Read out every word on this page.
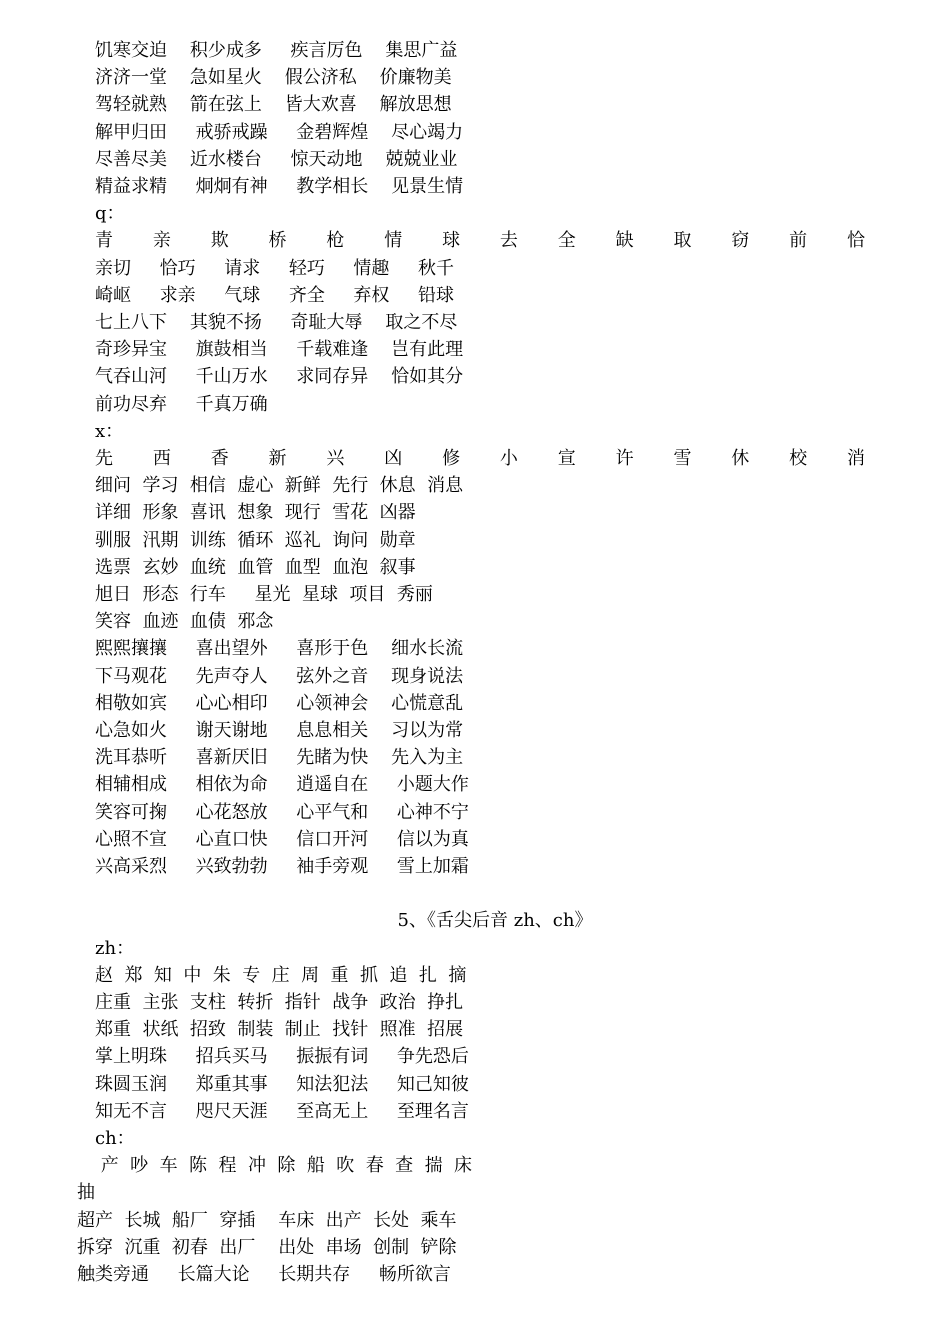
饥寒交迫    积少成多     疾言厉色    集思广益
济济一堂    急如星火    假公济私    价廉物美
驾轻就熟    箭在弦上    皆大欢喜    解放思想
解甲归田     戒骄戒躁     金碧辉煌    尽心竭力
尽善尽美    近水楼台     惊天动地    兢兢业业
精益求精     炯炯有神     教学相长    见景生情
q：
青 亲 欺 桥 枪 情 球 去 全 缺 取 窃 前 恰
亲切     恰巧     请求     轻巧     情趣     秋千
崎岖     求亲     气球     齐全     弃权     铅球
七上八下    其貌不扬     奇耻大辱    取之不尽
奇珍异宝     旗鼓相当     千载难逢    岂有此理
气吞山河     千山万水     求同存异    恰如其分
前功尽弃     千真万确
x：
先 西 香 新 兴 凶 修 小 宣 许 雪 休 校 消
细问  学习  相信  虚心  新鲜  先行  休息  消息
详细  形象  喜讯  想象  现行  雪花  凶器
驯服  汛期  训练  循环  巡礼  询问  勋章
选票  玄妙  血统  血管  血型  血泡  叙事
旭日  形态  行车     星光  星球  项目  秀丽
笑容  血迹  血债  邪念
熙熙攘攘     喜出望外     喜形于色    细水长流
下马观花     先声夺人     弦外之音    现身说法
相敬如宾     心心相印     心领神会    心慌意乱
心急如火     谢天谢地     息息相关    习以为常
洗耳恭听     喜新厌旧     先睹为快    先入为主
相辅相成     相依为命     逍遥自在     小题大作
笑容可掬     心花怒放     心平气和     心神不宁
心照不宣     心直口快     信口开河     信以为真
兴高采烈     兴致勃勃     袖手旁观     雪上加霜
5、《舌尖后音 zh、ch》
zh：
赵  郑  知  中  朱  专  庄  周  重  抓  追  扎  摘
庄重  主张  支柱  转折  指针  战争  政治  挣扎
郑重  状纸  招致  制装  制止  找针  照准  招展
掌上明珠     招兵买马     振振有词     争先恐后
珠圆玉润     郑重其事     知法犯法     知己知彼
知无不言     咫尺天涯     至高无上     至理名言
ch：
产  吵  车  陈  程  冲  除  船  吹  春  查  揣  床
抽
超产  长城  船厂  穿插    车床  出产  长处  乘车
拆穿  沉重  初春  出厂    出处  串场  创制  铲除
触类旁通     长篇大论     长期共存     畅所欲言
